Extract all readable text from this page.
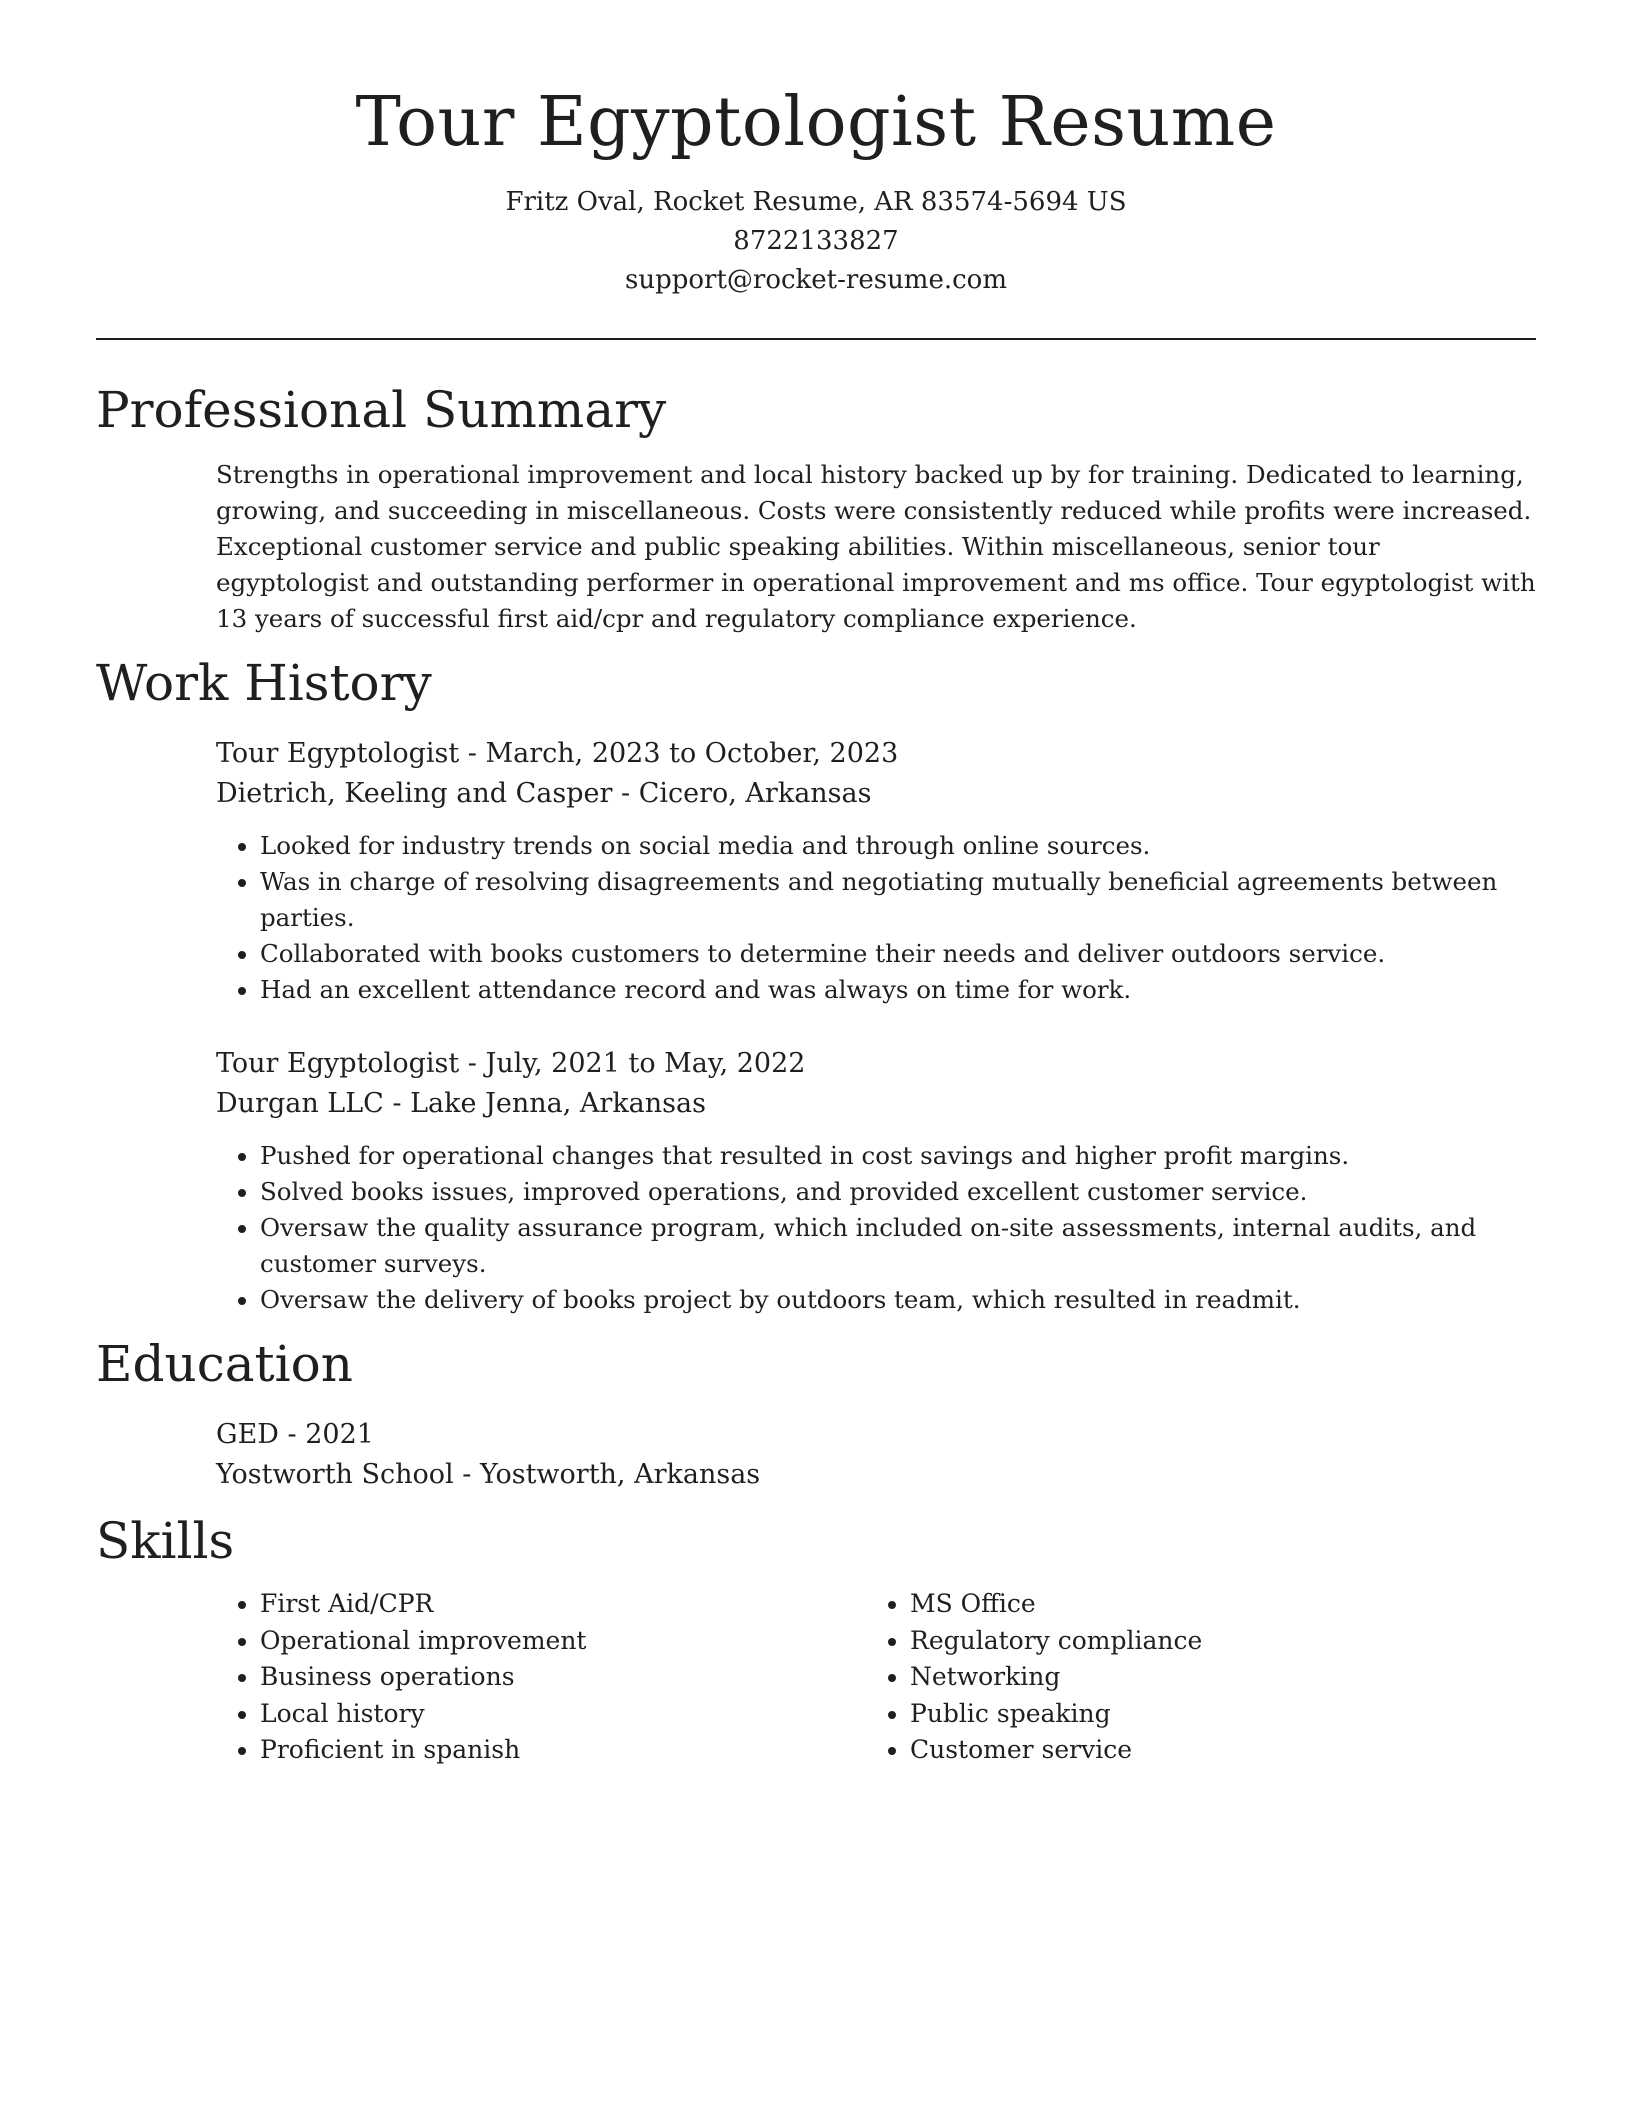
Tour Egyptologist Resume
Fritz Oval, Rocket Resume, AR 83574-5694 US
8722133827
support@rocket-resume.com
Professional Summary
Strengths in operational improvement and local history backed up by for training. Dedicated to learning, growing, and succeeding in miscellaneous. Costs were consistently reduced while profits were increased. Exceptional customer service and public speaking abilities. Within miscellaneous, senior tour egyptologist and outstanding performer in operational improvement and ms office. Tour egyptologist with 13 years of successful first aid/cpr and regulatory compliance experience.
Work History
Tour Egyptologist - March, 2023 to October, 2023
Dietrich, Keeling and Casper - Cicero, Arkansas
• Looked for industry trends on social media and through online sources.
• Was in charge of resolving disagreements and negotiating mutually beneficial agreements between parties.
• Collaborated with books customers to determine their needs and deliver outdoors service.
• Had an excellent attendance record and was always on time for work.
Tour Egyptologist - July, 2021 to May, 2022
Durgan LLC - Lake Jenna, Arkansas
• Pushed for operational changes that resulted in cost savings and higher profit margins.
• Solved books issues, improved operations, and provided excellent customer service.
• Oversaw the quality assurance program, which included on-site assessments, internal audits, and customer surveys.
• Oversaw the delivery of books project by outdoors team, which resulted in readmit.
Education
GED - 2021
Yostworth School - Yostworth, Arkansas
Skills
• First Aid/CPR
• Operational improvement
• Business operations
• Local history
• Proficient in spanish
• MS Office
• Regulatory compliance
• Networking
• Public speaking
• Customer service
